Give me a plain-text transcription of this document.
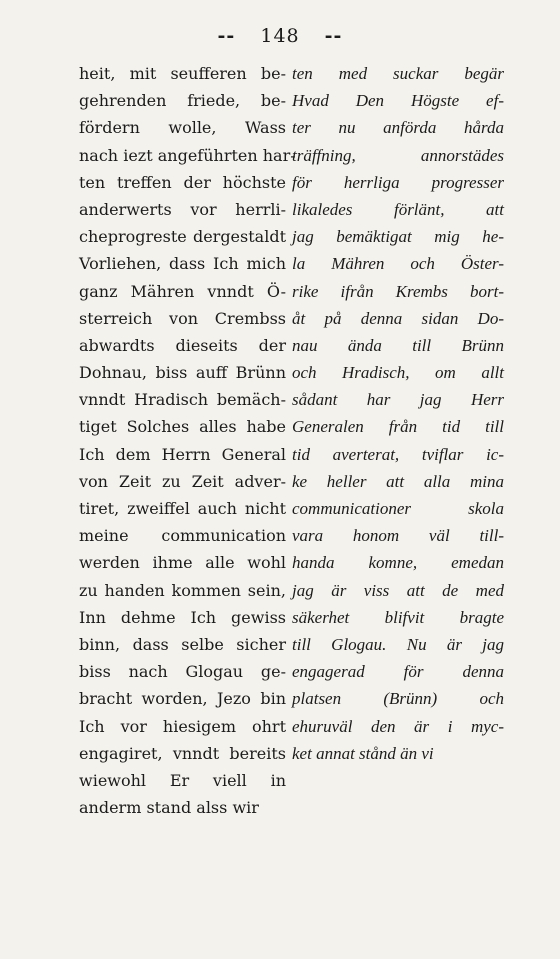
-- 148 --
heit, mit seufferen be-
gehrenden friede, be-
fördern wolle, Wass
nach iezt angeführten har-
ten treffen der höchste
anderwerts vor herrli-
cheprogreste dergestaldt
Vorliehen, dass Ich mich
ganz Mähren vnndt Ö-
sterreich von Crembss
abwardts dieseits der
Dohnau, biss auff Brünn
vnndt Hradisch bemäch-
tiget Solches alles habe
Ich dem Herrn General
von Zeit zu Zeit adver-
tiret, zweiffel auch nicht
meine communication
werden ihme alle wohl
zu handen kommen sein,
Inn dehme Ich gewiss
binn, dass selbe sicher
biss nach Glogau ge-
bracht worden, Jezo bin
Ich vor hiesigem ohrt
engagiret, vnndt bereits
wiewohl Er viell in
anderm stand alss wir
ten med suckar begär
Hvad Den Högste ef-
ter nu anförda hårda
träffning, annorstädes
för herrliga progresser
likaledes förlänt, att
jag bemäktigat mig he-
la Mähren och Öster-
rike ifrån Krembs bort-
åt på denna sidan Do-
nau ända till Brünn
och Hradisch, om allt
sådant har jag Herr
Generalen från tid till
tid averterat, tviflar ic-
ke heller att alla mina
communicationer skola
vara honom väl till-
handa komne, emedan
jag är viss att de med
säkerhet blifvit bragte
till Glogau. Nu är jag
engagerad för denna
platsen (Brünn) och
ehuruväl den är i myc-
ket annat stånd än vi
